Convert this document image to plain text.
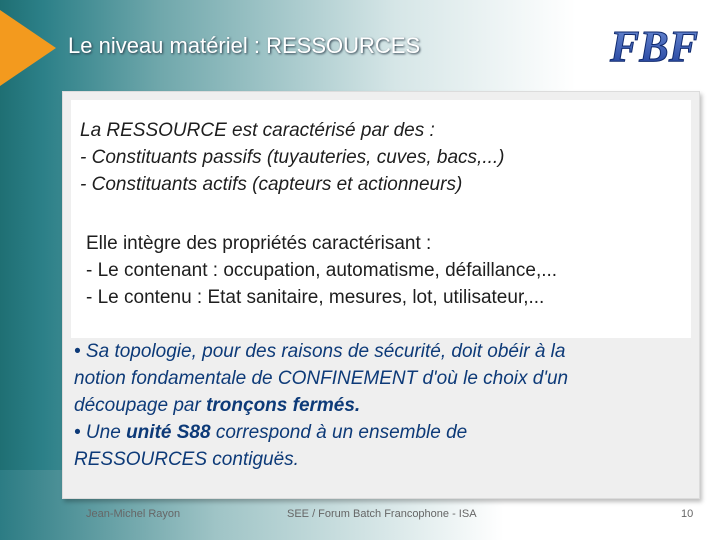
Le niveau matériel : RESSOURCES	FBF
La RESSOURCE est caractérisé par des :
- Constituants passifs (tuyauteries, cuves, bacs,...)
- Constituants actifs (capteurs et actionneurs)
Elle intègre des propriétés caractérisant :
- Le contenant : occupation, automatisme, défaillance,...
- Le contenu : Etat sanitaire, mesures, lot, utilisateur,...
• Sa topologie, pour des raisons de sécurité, doit obéir à la
notion fondamentale de CONFINEMENT d'où le choix d'un
découpage par tronçons fermés.
• Une unité S88 correspond à un ensemble de
RESSOURCES contiguës.
Jean-Michel Rayon	SEE / Forum Batch Francophone - ISA	10
